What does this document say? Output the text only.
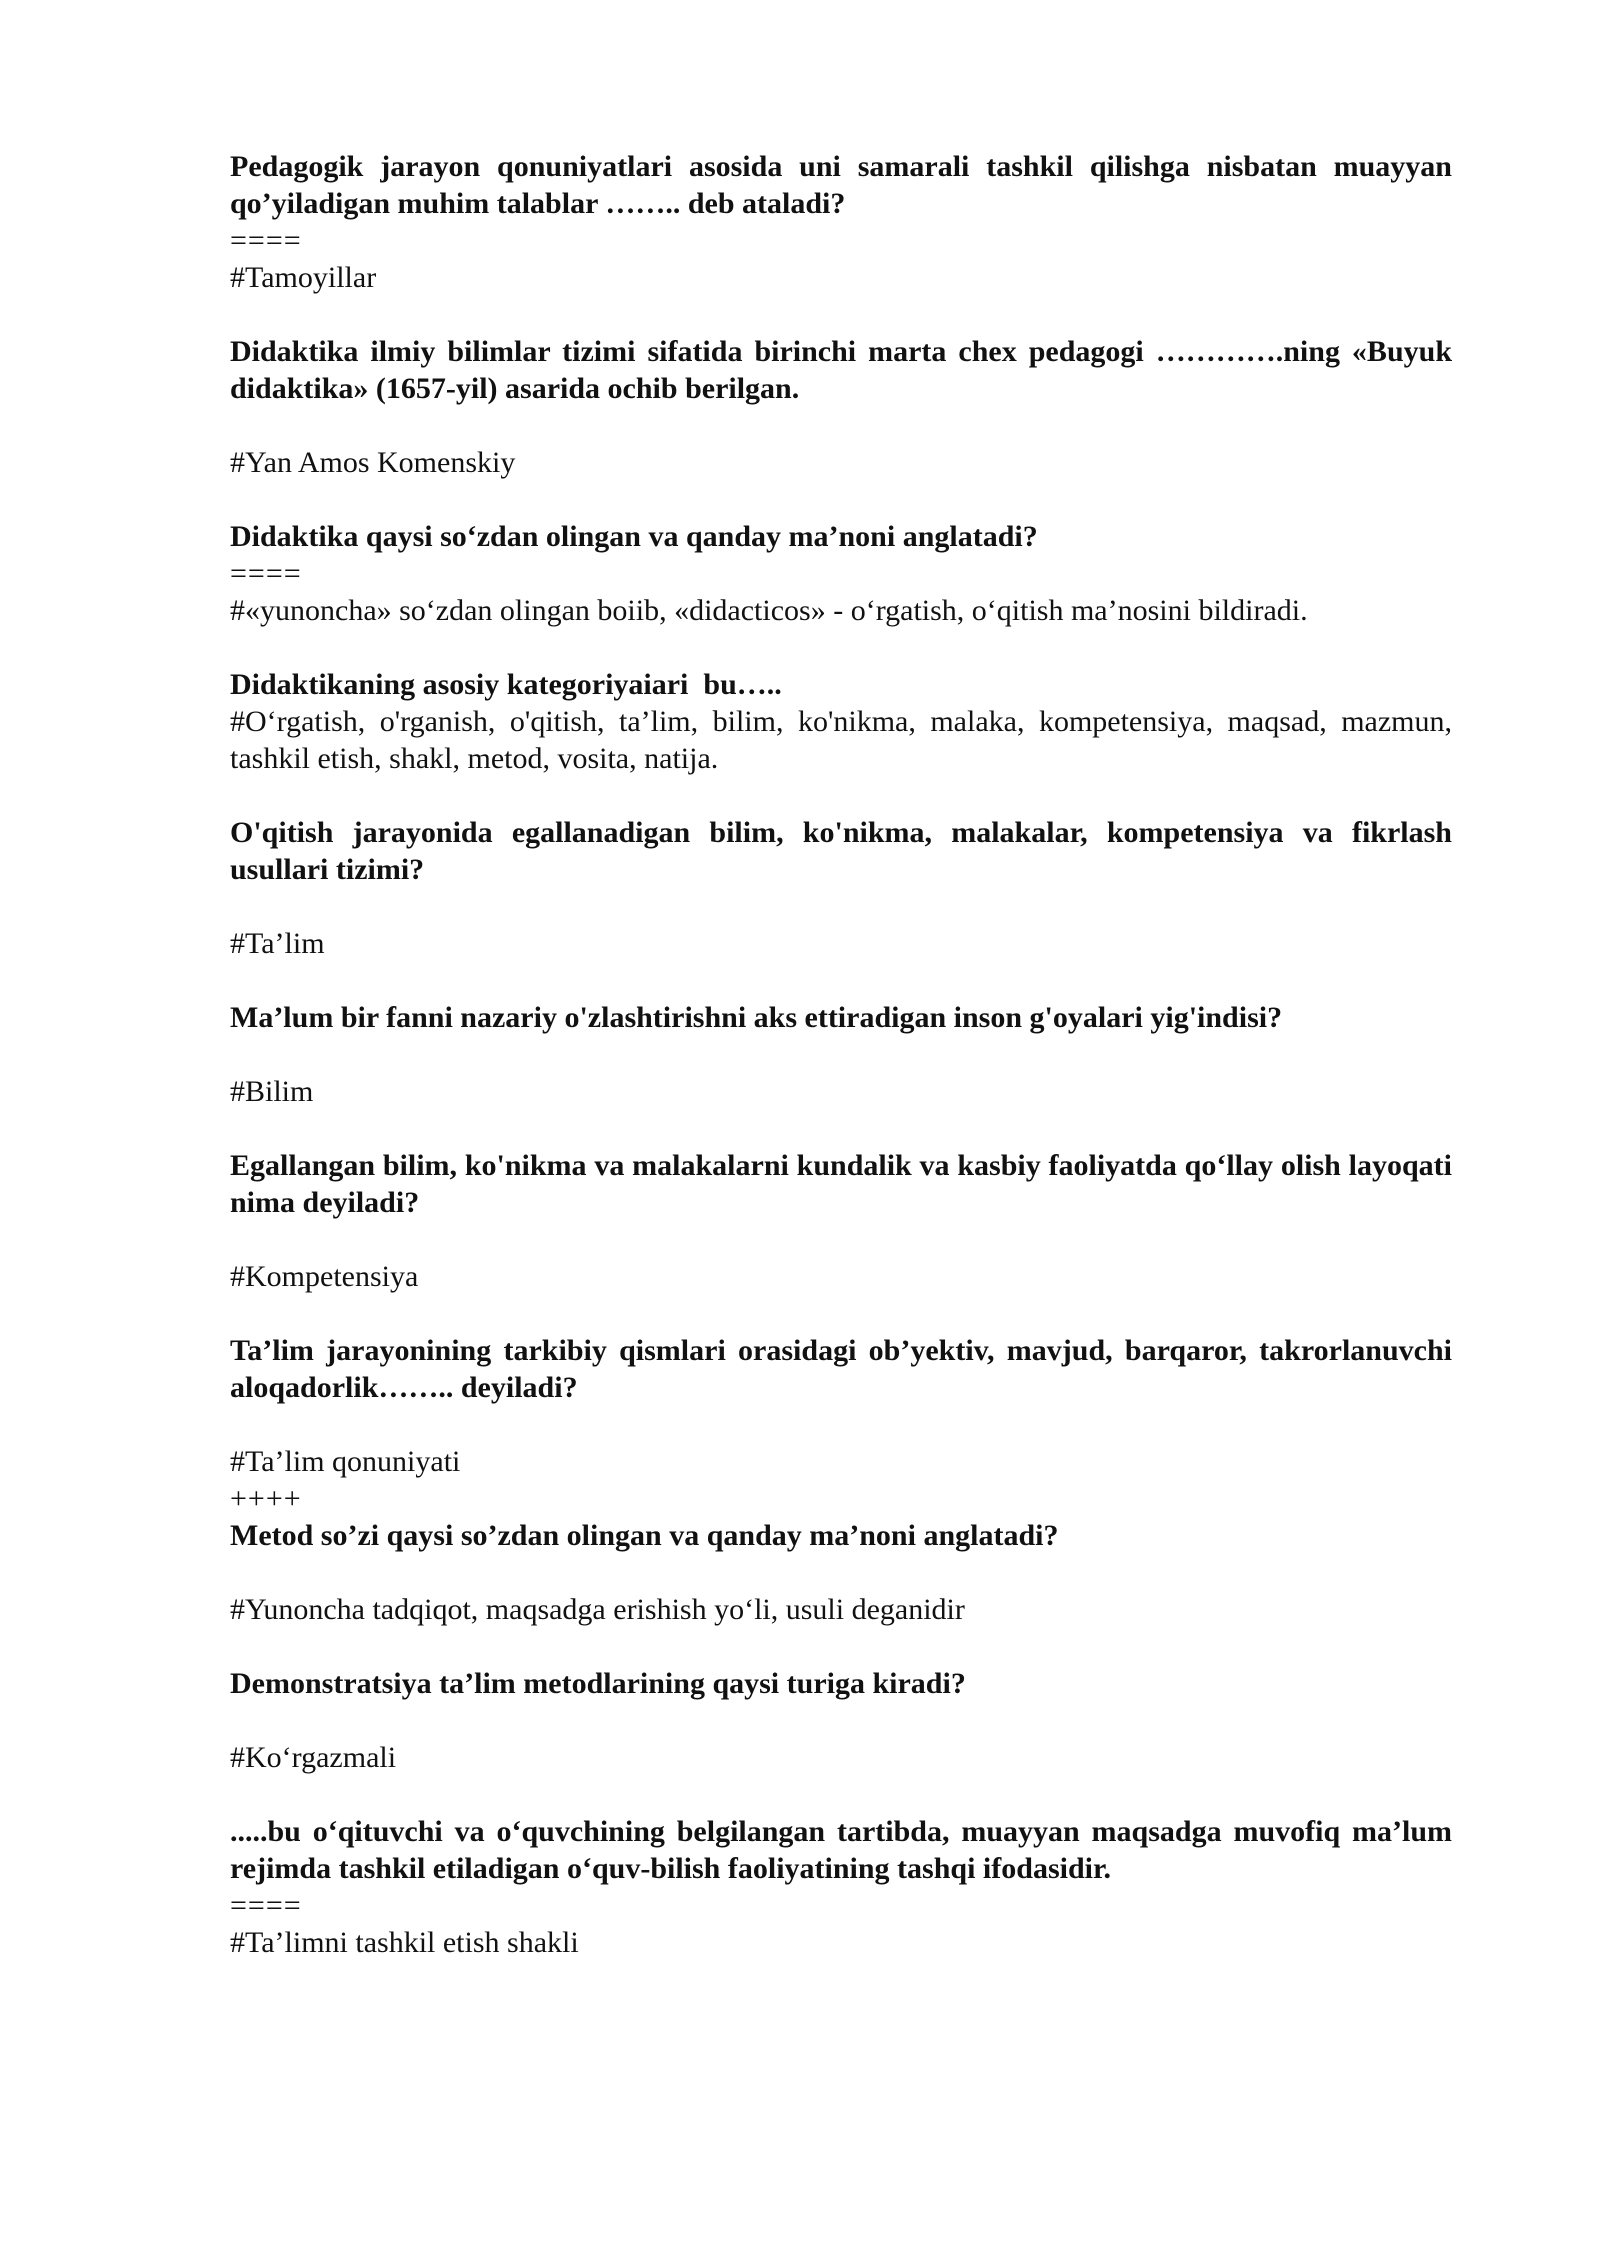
Pedagogik jarayon qonuniyatlari asosida uni samarali tashkil qilishga nisbatan muayyan qo’yiladigan muhim talablar …….. deb ataladi?

====

#Tamoyillar

Didaktika ilmiy bilimlar tizimi sifatida birinchi marta chex pedagogi ………….ning «Buyuk didaktika» (1657-yil) asarida ochib berilgan.

#Yan Amos Komenskiy

Didaktika qaysi so‘zdan olingan va qanday ma’noni anglatadi?

====

#«yunoncha» so‘zdan olingan boiib, «didacticos» - o‘rgatish, o‘qitish ma’nosini bildiradi.

Didaktikaning asosiy kategoriyaiari  bu…..

#O‘rgatish, o'rganish, o'qitish, ta’lim, bilim, ko'nikma, malaka, kompetensiya, maqsad, mazmun, tashkil etish, shakl, metod, vosita, natija.

O'qitish jarayonida egallanadigan bilim, ko'nikma, malakalar, kompetensiya va fikrlash usullari tizimi?

#Ta’lim

Ma’lum bir fanni nazariy o'zlashtirishni aks ettiradigan inson g'oyalari yig'indisi?

#Bilim

Egallangan bilim, ko'nikma va malakalarni kundalik va kasbiy faoliyatda qo‘llay olish layoqati nima deyiladi?

#Kompetensiya

Ta’lim jarayonining tarkibiy qismlari orasidagi ob’yektiv, mavjud, barqaror, takrorlanuvchi aloqadorlik…….. deyiladi?

#Ta’lim qonuniyati

++++

Metod so’zi qaysi so’zdan olingan va qanday ma’noni anglatadi?

#Yunoncha tadqiqot, maqsadga erishish yo‘li, usuli deganidir

Demonstratsiya ta’lim metodlarining qaysi turiga kiradi?

#Ko‘rgazmali

.....bu o‘qituvchi va o‘quvchining belgilangan tartibda, muayyan maqsadga muvofiq ma’lum rejimda tashkil etiladigan o‘quv-bilish faoliyatining tashqi ifodasidir.

====

#Ta’limni tashkil etish shakli
